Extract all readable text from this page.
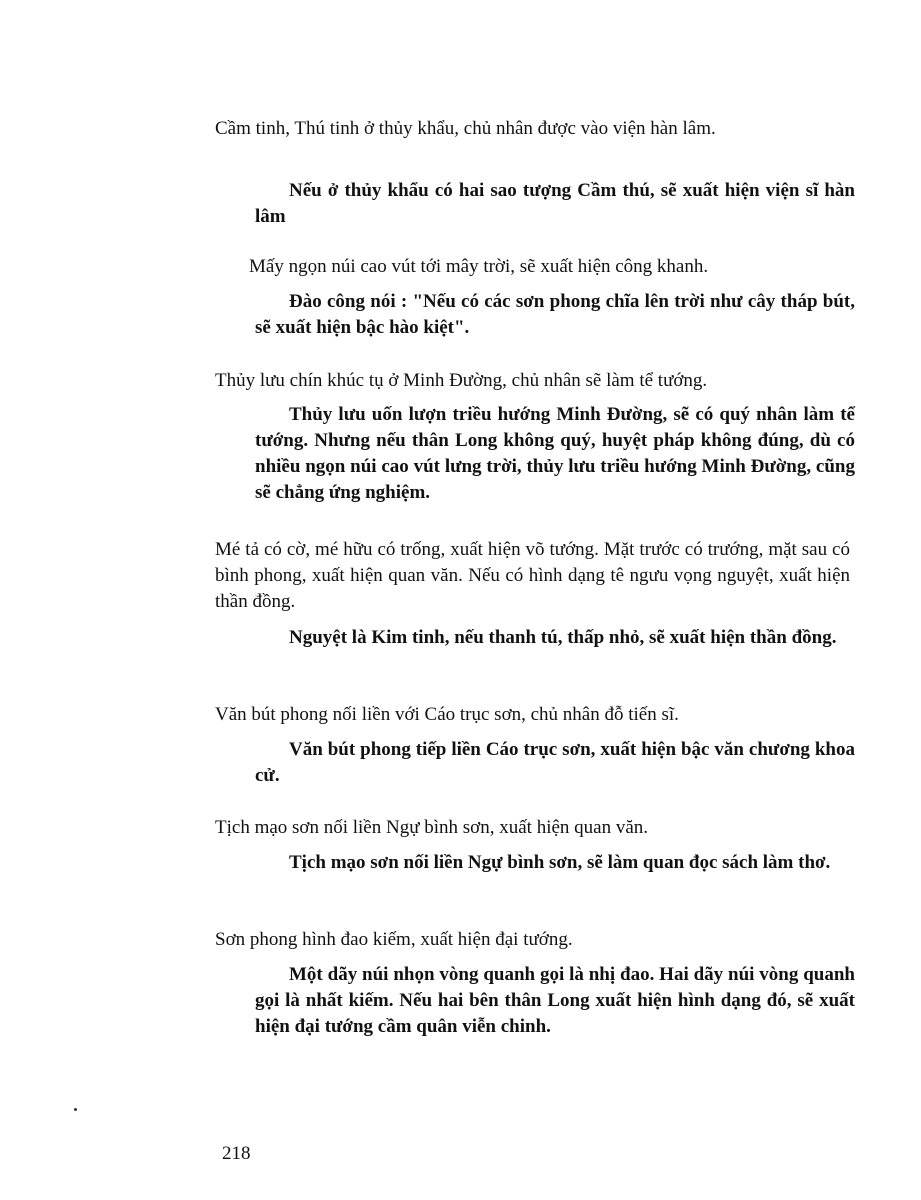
Cầm tinh, Thú tinh ở thủy khẩu, chủ nhân được vào viện hàn lâm.

Nếu ở thủy khẩu có hai sao tượng Cầm thú, sẽ xuất hiện viện sĩ hàn lâm

Mấy ngọn núi cao vút tới mây trời, sẽ xuất hiện công khanh.

Đào công nói : "Nếu có các sơn phong chĩa lên trời như cây tháp bút, sẽ xuất hiện bậc hào kiệt".

Thủy lưu chín khúc tụ ở Minh Đường, chủ nhân sẽ làm tể tướng.

Thủy lưu uốn lượn triều hướng Minh Đường, sẽ có quý nhân làm tể tướng. Nhưng nếu thân Long không quý, huyệt pháp không đúng, dù có nhiều ngọn núi cao vút lưng trời, thủy lưu triều hướng Minh Đường, cũng sẽ chẳng ứng nghiệm.

Mé tả có cờ, mé hữu có trống, xuất hiện võ tướng. Mặt trước có trướng, mặt sau có bình phong, xuất hiện quan văn. Nếu có hình dạng tê ngưu vọng nguyệt, xuất hiện thần đồng.

Nguyệt là Kim tinh, nếu thanh tú, thấp nhỏ, sẽ xuất hiện thần đồng.

Văn bút phong nối liền với Cáo trục sơn, chủ nhân đỗ tiến sĩ.

Văn bút phong tiếp liền Cáo trục sơn, xuất hiện bậc văn chương khoa cử.

Tịch mạo sơn nối liền Ngự bình sơn, xuất hiện quan văn.

Tịch mạo sơn nối liền Ngự bình sơn, sẽ làm quan đọc sách làm thơ.

Sơn phong hình đao kiếm, xuất hiện đại tướng.

Một dãy núi nhọn vòng quanh gọi là nhị đao. Hai dãy núi vòng quanh gọi là nhất kiếm. Nếu hai bên thân Long xuất hiện hình dạng đó, sẽ xuất hiện đại tướng cầm quân viễn chinh.

218
